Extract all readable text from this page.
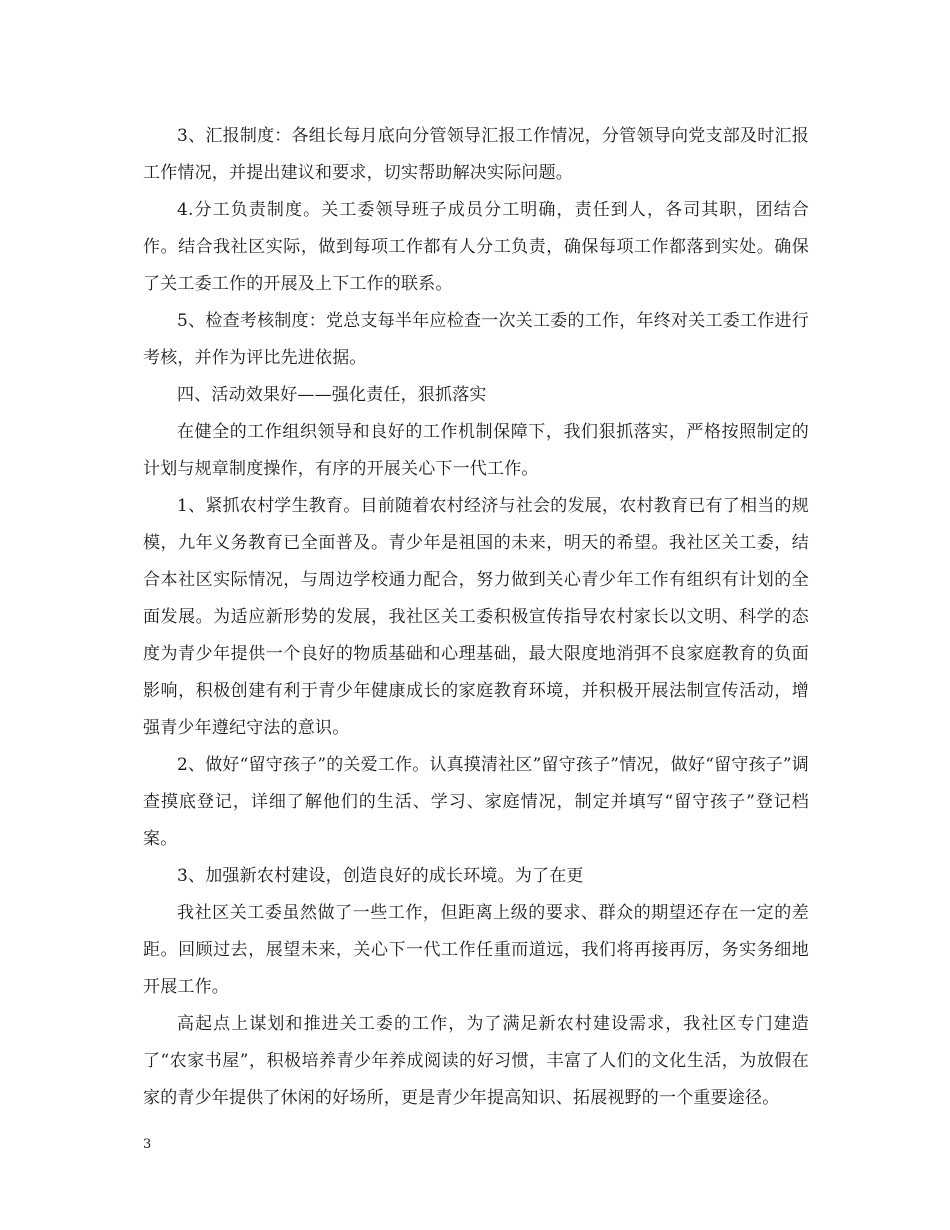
3、汇报制度：各组长每月底向分管领导汇报工作情况，分管领导向党支部及时汇报工作情况，并提出建议和要求，切实帮助解决实际问题。

4.分工负责制度。关工委领导班子成员分工明确，责任到人，各司其职，团结合作。结合我社区实际，做到每项工作都有人分工负责，确保每项工作都落到实处。确保了关工委工作的开展及上下工作的联系。

5、检查考核制度：党总支每半年应检查一次关工委的工作，年终对关工委工作进行考核，并作为评比先进依据。

四、活动效果好——强化责任，狠抓落实

在健全的工作组织领导和良好的工作机制保障下，我们狠抓落实，严格按照制定的计划与规章制度操作，有序的开展关心下一代工作。

1、紧抓农村学生教育。目前随着农村经济与社会的发展，农村教育已有了相当的规模，九年义务教育已全面普及。青少年是祖国的未来，明天的希望。我社区关工委，结合本社区实际情况，与周边学校通力配合，努力做到关心青少年工作有组织有计划的全面发展。为适应新形势的发展，我社区关工委积极宣传指导农村家长以文明、科学的态度为青少年提供一个良好的物质基础和心理基础，最大限度地消弭不良家庭教育的负面影响，积极创建有利于青少年健康成长的家庭教育环境，并积极开展法制宣传活动，增强青少年遵纪守法的意识。

2、做好“留守孩子”的关爱工作。认真摸清社区”留守孩子”情况，做好“留守孩子”调查摸底登记，详细了解他们的生活、学习、家庭情况，制定并填写“留守孩子”登记档案。

3、加强新农村建设，创造良好的成长环境。为了在更

我社区关工委虽然做了一些工作，但距离上级的要求、群众的期望还存在一定的差距。回顾过去，展望未来，关心下一代工作任重而道远，我们将再接再厉，务实务细地开展工作。

高起点上谋划和推进关工委的工作，为了满足新农村建设需求，我社区专门建造了“农家书屋”，积极培养青少年养成阅读的好习惯，丰富了人们的文化生活，为放假在家的青少年提供了休闲的好场所，更是青少年提高知识、拓展视野的一个重要途径。

3
